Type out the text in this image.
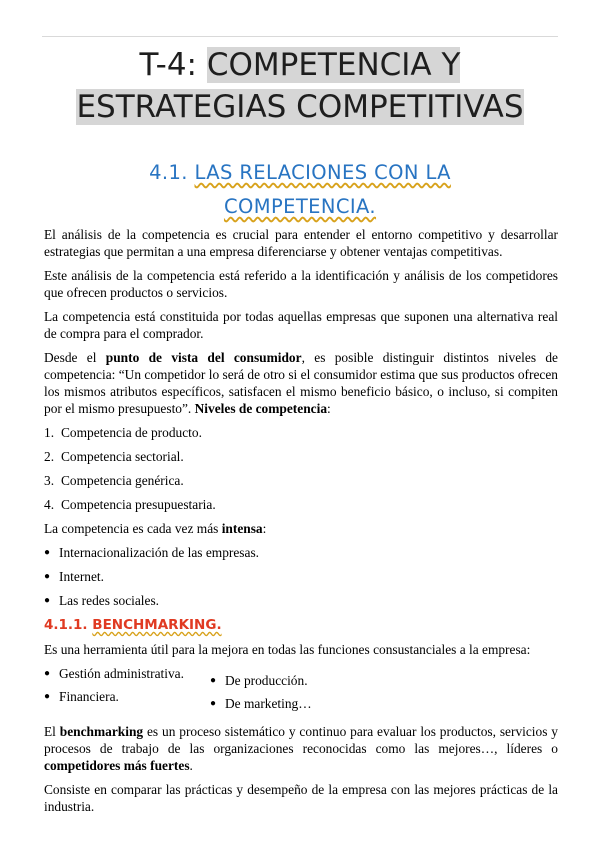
T-4: COMPETENCIA Y
ESTRATEGIAS COMPETITIVAS
4.1. LAS RELACIONES CON LA
COMPETENCIA.

El análisis de la competencia es crucial para entender el entorno competitivo y desarrollar estrategias que permitan a una empresa diferenciarse y obtener ventajas competitivas.

Este análisis de la competencia está referido a la identificación y análisis de los competidores que ofrecen productos o servicios.

La competencia está constituida por todas aquellas empresas que suponen una alternativa real de compra para el comprador.

Desde el punto de vista del consumidor, es posible distinguir distintos niveles de competencia: “Un competidor lo será de otro si el consumidor estima que sus productos ofrecen los mismos atributos específicos, satisfacen el mismo beneficio básico, o incluso, si compiten por el mismo presupuesto”. Niveles de competencia:

1. Competencia de producto.
2. Competencia sectorial.
3. Competencia genérica.
4. Competencia presupuestaria.

La competencia es cada vez más intensa:

● Internacionalización de las empresas.
● Internet.
● Las redes sociales.
4.1.1. BENCHMARKING.

Es una herramienta útil para la mejora en todas las funciones consustanciales a la empresa:

● Gestión administrativa.
● Financiera.
● De producción.
● De marketing…

El benchmarking es un proceso sistemático y continuo para evaluar los productos, servicios y procesos de trabajo de las organizaciones reconocidas como las mejores…, líderes o competidores más fuertes.

Consiste en comparar las prácticas y desempeño de la empresa con las mejores prácticas de la industria.
